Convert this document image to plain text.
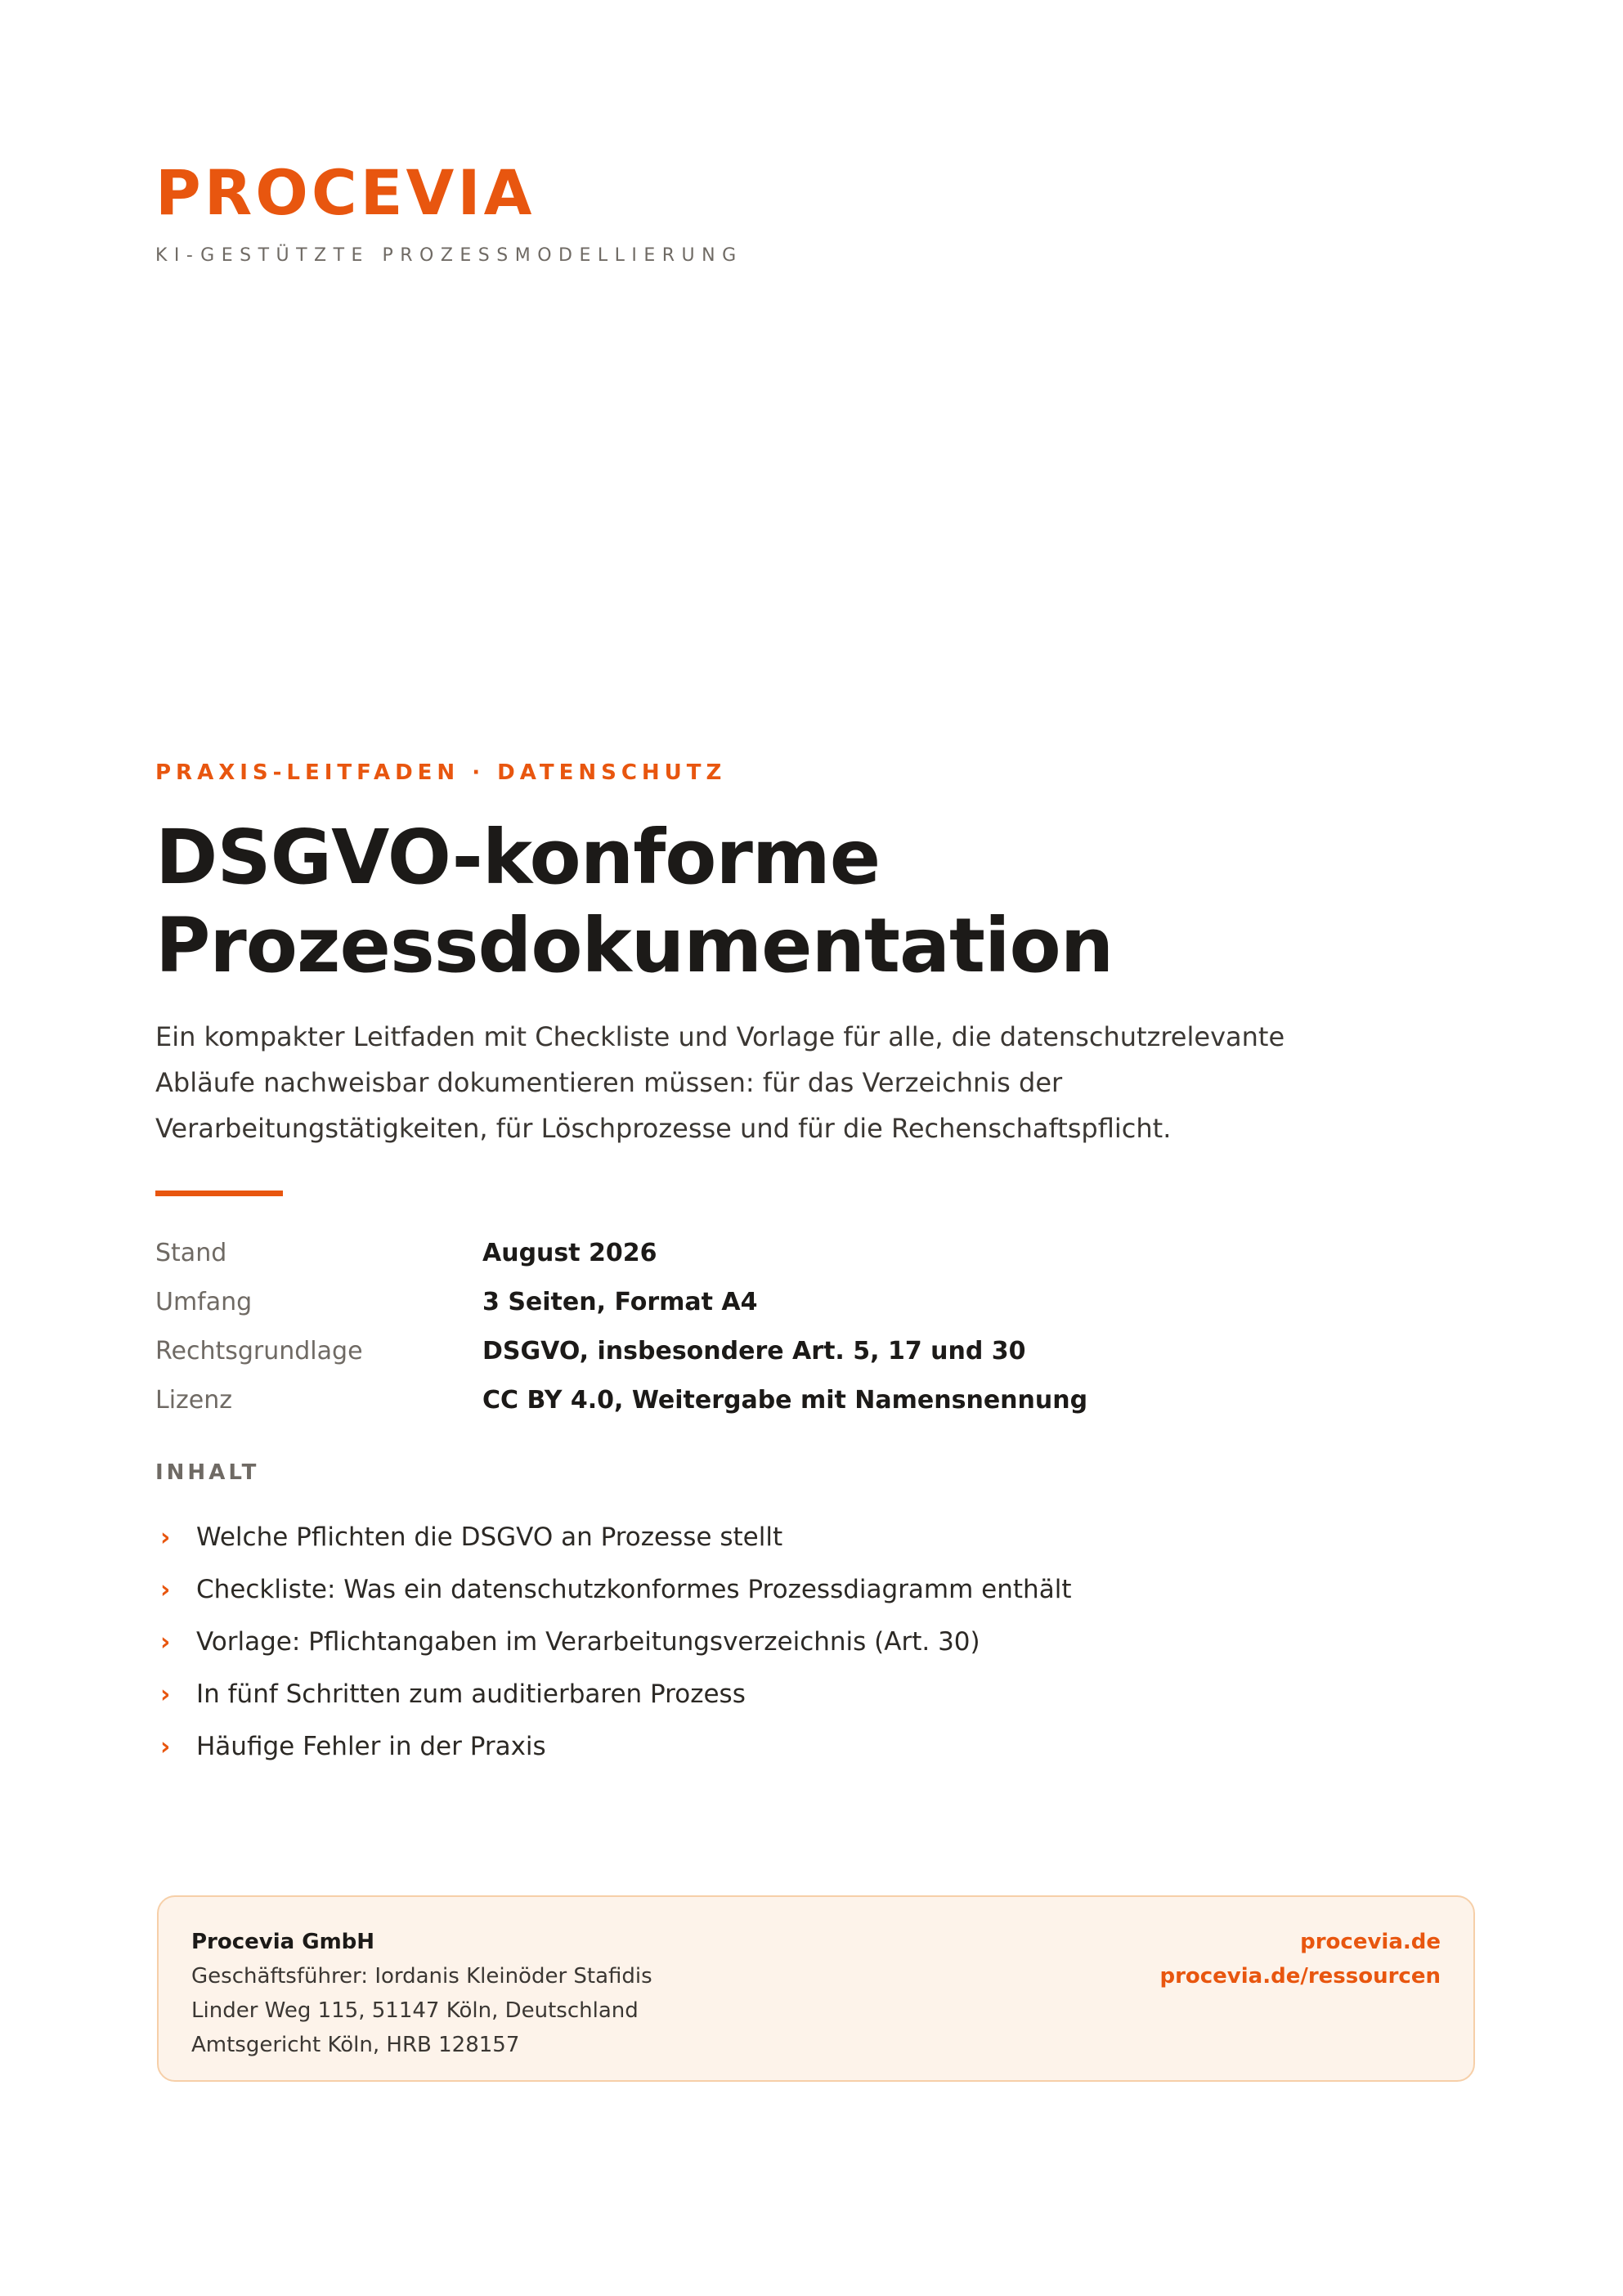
PROCEVIA
KI-GESTÜTZTE PROZESSMODELLIERUNG
PRAXIS-LEITFADEN · DATENSCHUTZ
DSGVO-konforme
Prozessdokumentation

Ein kompakter Leitfaden mit Checkliste und Vorlage für alle, die datenschutzrelevante Abläufe nachweisbar dokumentieren müssen: für das Verzeichnis der Verarbeitungstätigkeiten, für Löschprozesse und für die Rechenschaftspflicht.

Stand	August 2026
Umfang	3 Seiten, Format A4
Rechtsgrundlage	DSGVO, insbesondere Art. 5, 17 und 30
Lizenz	CC BY 4.0, Weitergabe mit Namensnennung
INHALT
›	Welche Pflichten die DSGVO an Prozesse stellt
›	Checkliste: Was ein datenschutzkonformes Prozessdiagramm enthält
›	Vorlage: Pflichtangaben im Verarbeitungsverzeichnis (Art. 30)
›	In fünf Schritten zum auditierbaren Prozess
›	Häufige Fehler in der Praxis
Procevia GmbH
Geschäftsführer: Iordanis Kleinöder Stafidis
Linder Weg 115, 51147 Köln, Deutschland
Amtsgericht Köln, HRB 128157
procevia.de
procevia.de/ressourcen
